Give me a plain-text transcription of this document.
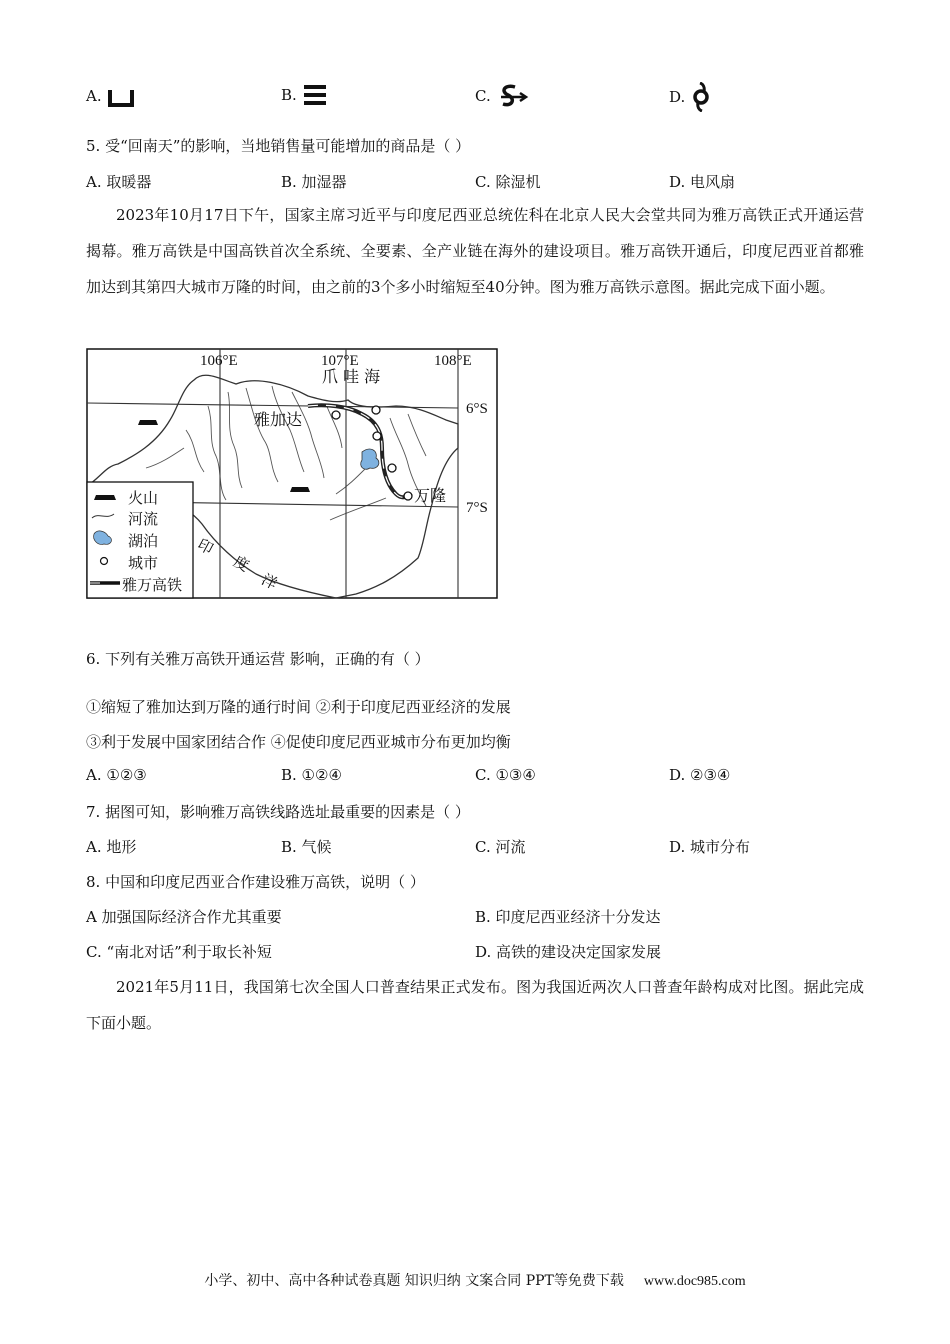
A.	B.	C.	D.
5. 受“回南天”的影响，当地销售量可能增加的商品是（ ）
A. 取暖器	B. 加湿器	C. 除湿机	D. 电风扇

2023年10月17日下午，国家主席习近平与印度尼西亚总统佐科在北京人民大会堂共同为雅万高铁正式开通运营揭幕。雅万高铁是中国高铁首次全系统、全要素、全产业链在海外的建设项目。雅万高铁开通后，印度尼西亚首都雅加达到其第四大城市万隆的时间，由之前的3个多小时缩短至40分钟。图为雅万高铁示意图。据此完成下面小题。

106°E	107°E	108°E
6°S
7°S
爪 哇 海
雅加达
万隆
印
度
洋
火山
河流
湖泊
城市
雅万高铁
6. 下列有关雅万高铁开通运营 影响，正确的有（ ）
①缩短了雅加达到万隆的通行时间 ②利于印度尼西亚经济的发展
③利于发展中国家团结合作 ④促使印度尼西亚城市分布更加均衡
A. ①②③	B. ①②④	C. ①③④	D. ②③④
7. 据图可知，影响雅万高铁线路选址最重要的因素是（ ）
A. 地形	B. 气候	C. 河流	D. 城市分布
8. 中国和印度尼西亚合作建设雅万高铁，说明（ ）
A 加强国际经济合作尤其重要	B. 印度尼西亚经济十分发达
C. “南北对话”利于取长补短	D. 高铁的建设决定国家发展

2021年5月11日，我国第七次全国人口普查结果正式发布。图为我国近两次人口普查年龄构成对比图。据此完成下面小题。

小学、初中、高中各种试卷真题 知识归纳 文案合同 PPT等免费下载 www.doc985.com
